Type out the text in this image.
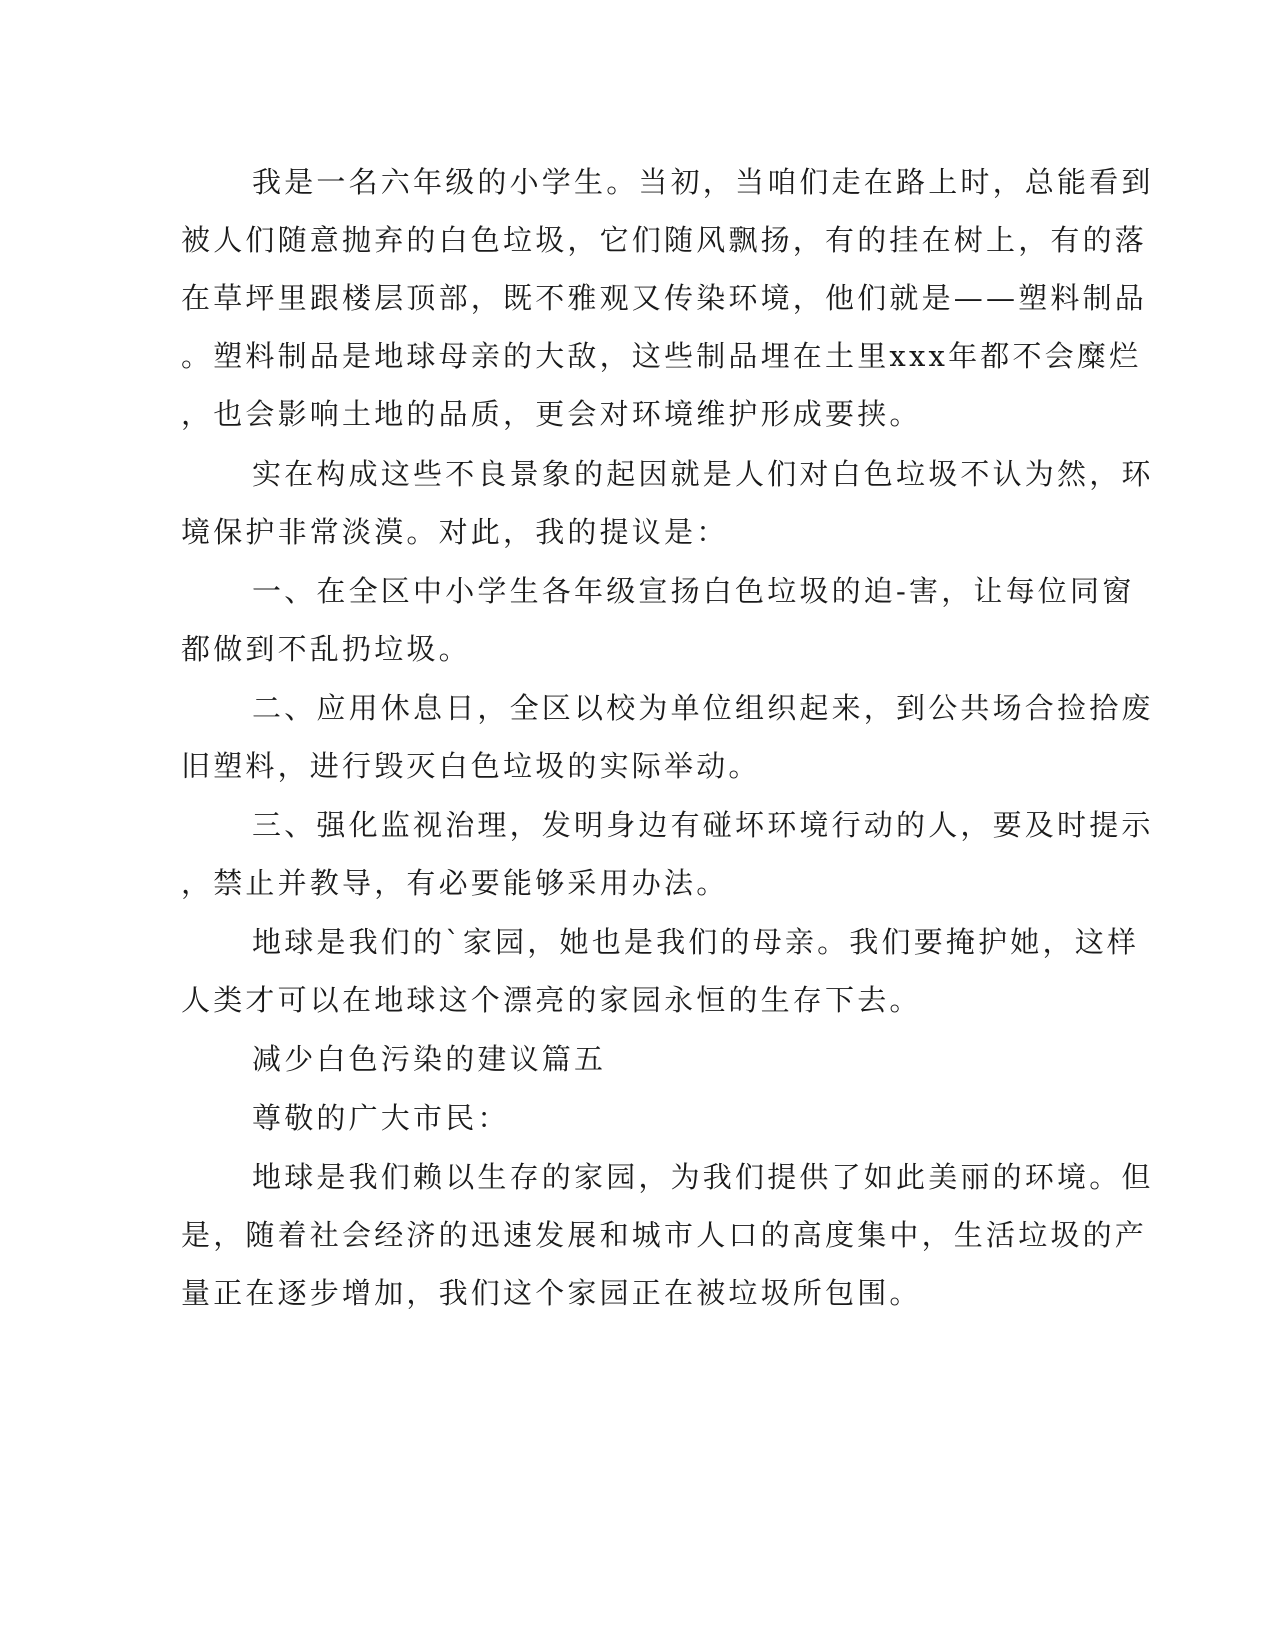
我是一名六年级的小学生。当初，当咱们走在路上时，总能看到
被人们随意抛弃的白色垃圾，它们随风飘扬，有的挂在树上，有的落
在草坪里跟楼层顶部，既不雅观又传染环境，他们就是——塑料制品
。塑料制品是地球母亲的大敌，这些制品埋在土里xxx年都不会糜烂
，也会影响土地的品质，更会对环境维护形成要挟。
实在构成这些不良景象的起因就是人们对白色垃圾不认为然，环
境保护非常淡漠。对此，我的提议是：
一、在全区中小学生各年级宣扬白色垃圾的迫-害，让每位同窗
都做到不乱扔垃圾。
二、应用休息日，全区以校为单位组织起来，到公共场合捡拾废
旧塑料，进行毁灭白色垃圾的实际举动。
三、强化监视治理，发明身边有碰坏环境行动的人，要及时提示
，禁止并教导，有必要能够采用办法。
地球是我们的`家园，她也是我们的母亲。我们要掩护她，这样
人类才可以在地球这个漂亮的家园永恒的生存下去。
减少白色污染的建议篇五
尊敬的广大市民：
地球是我们赖以生存的家园，为我们提供了如此美丽的环境。但
是，随着社会经济的迅速发展和城市人口的高度集中，生活垃圾的产
量正在逐步增加，我们这个家园正在被垃圾所包围。
